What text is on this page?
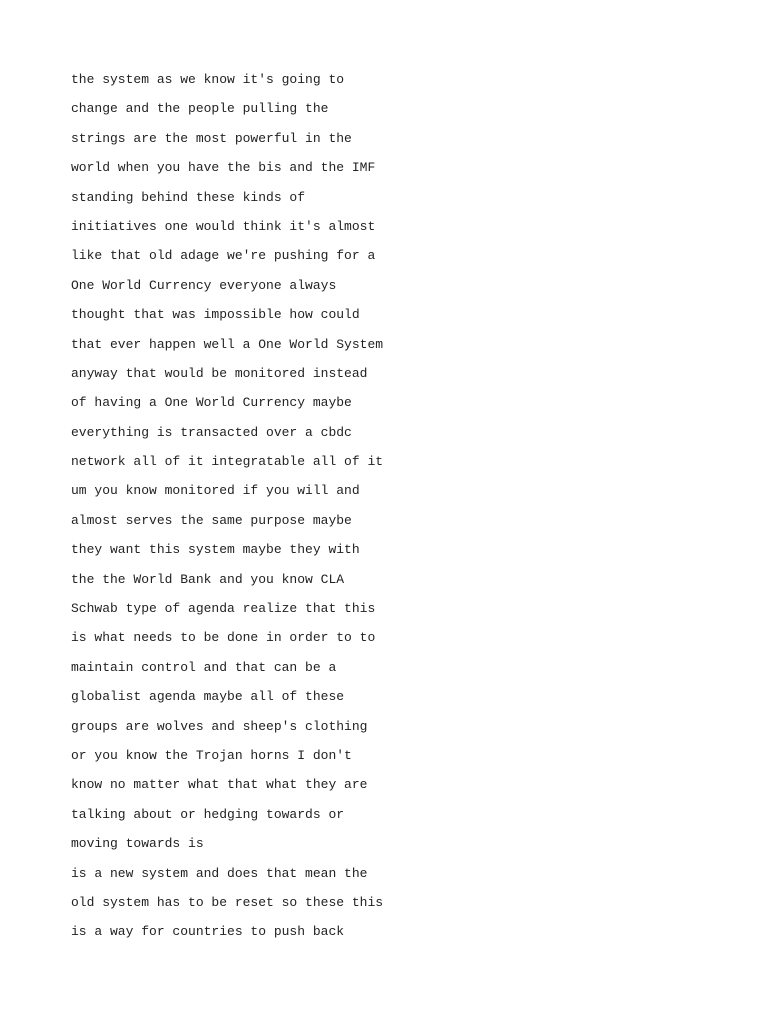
the system as we know it's going to
change and the people pulling the
strings are the most powerful in the
world when you have the bis and the IMF
standing behind these kinds of
initiatives one would think it's almost
like that old adage we're pushing for a
One World Currency everyone always
thought that was impossible how could
that ever happen well a One World System
anyway that would be monitored instead
of having a One World Currency maybe
everything is transacted over a cbdc
network all of it integratable all of it
um you know monitored if you will and
almost serves the same purpose maybe
they want this system maybe they with
the the World Bank and you know CLA
Schwab type of agenda realize that this
is what needs to be done in order to to
maintain control and that can be a
globalist agenda maybe all of these
groups are wolves and sheep's clothing
or you know the Trojan horns I don't
know no matter what that what they are
talking about or hedging towards or
moving towards is
is a new system and does that mean the
old system has to be reset so these this
is a way for countries to push back
